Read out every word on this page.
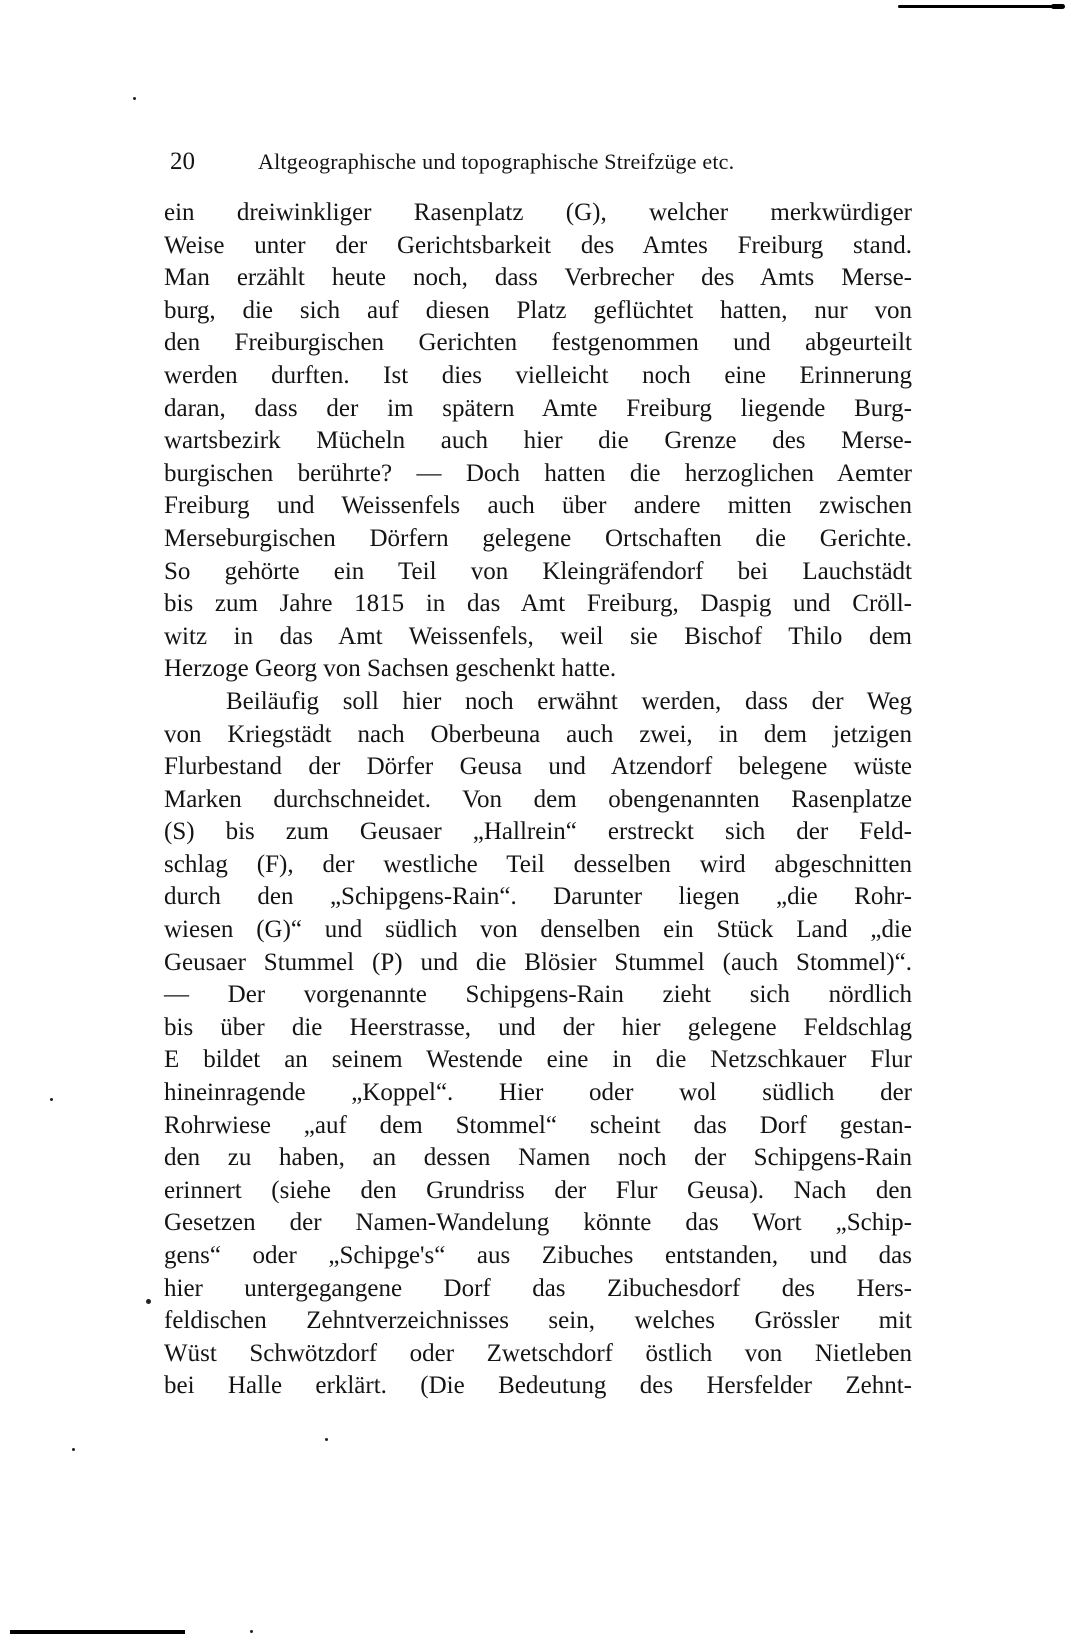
20	Altgeographische und topographische Streifzüge etc.
ein dreiwinkliger Rasenplatz (G), welcher merkwürdiger
Weise unter der Gerichtsbarkeit des Amtes Freiburg stand.
Man erzählt heute noch, dass Verbrecher des Amts Merse-
burg, die sich auf diesen Platz geflüchtet hatten, nur von
den Freiburgischen Gerichten festgenommen und abgeurteilt
werden durften. Ist dies vielleicht noch eine Erinnerung
daran, dass der im spätern Amte Freiburg liegende Burg-
wartsbezirk Mücheln auch hier die Grenze des Merse-
burgischen berührte? — Doch hatten die herzoglichen Aemter
Freiburg und Weissenfels auch über andere mitten zwischen
Merseburgischen Dörfern gelegene Ortschaften die Gerichte.
So gehörte ein Teil von Kleingräfendorf bei Lauchstädt
bis zum Jahre 1815 in das Amt Freiburg, Daspig und Cröll-
witz in das Amt Weissenfels, weil sie Bischof Thilo dem
Herzoge Georg von Sachsen geschenkt hatte.
Beiläufig soll hier noch erwähnt werden, dass der Weg
von Kriegstädt nach Oberbeuna auch zwei, in dem jetzigen
Flurbestand der Dörfer Geusa und Atzendorf belegene wüste
Marken durchschneidet. Von dem obengenannten Rasenplatze
(S) bis zum Geusaer „Hallrein“ erstreckt sich der Feld-
schlag (F), der westliche Teil desselben wird abgeschnitten
durch den „Schipgens-Rain“. Darunter liegen „die Rohr-
wiesen (G)“ und südlich von denselben ein Stück Land „die
Geusaer Stummel (P) und die Blösier Stummel (auch Stommel)“.
— Der vorgenannte Schipgens-Rain zieht sich nördlich
bis über die Heerstrasse, und der hier gelegene Feldschlag
E bildet an seinem Westende eine in die Netzschkauer Flur
hineinragende „Koppel“. Hier oder wol südlich der
Rohrwiese „auf dem Stommel“ scheint das Dorf gestan-
den zu haben, an dessen Namen noch der Schipgens-Rain
erinnert (siehe den Grundriss der Flur Geusa). Nach den
Gesetzen der Namen-Wandelung könnte das Wort „Schip-
gens“ oder „Schipge's“ aus Zibuches entstanden, und das
hier untergegangene Dorf das Zibuchesdorf des Hers-
feldischen Zehntverzeichnisses sein, welches Grössler mit
Wüst Schwötzdorf oder Zwetschdorf östlich von Nietleben
bei Halle erklärt. (Die Bedeutung des Hersfelder Zehnt-
